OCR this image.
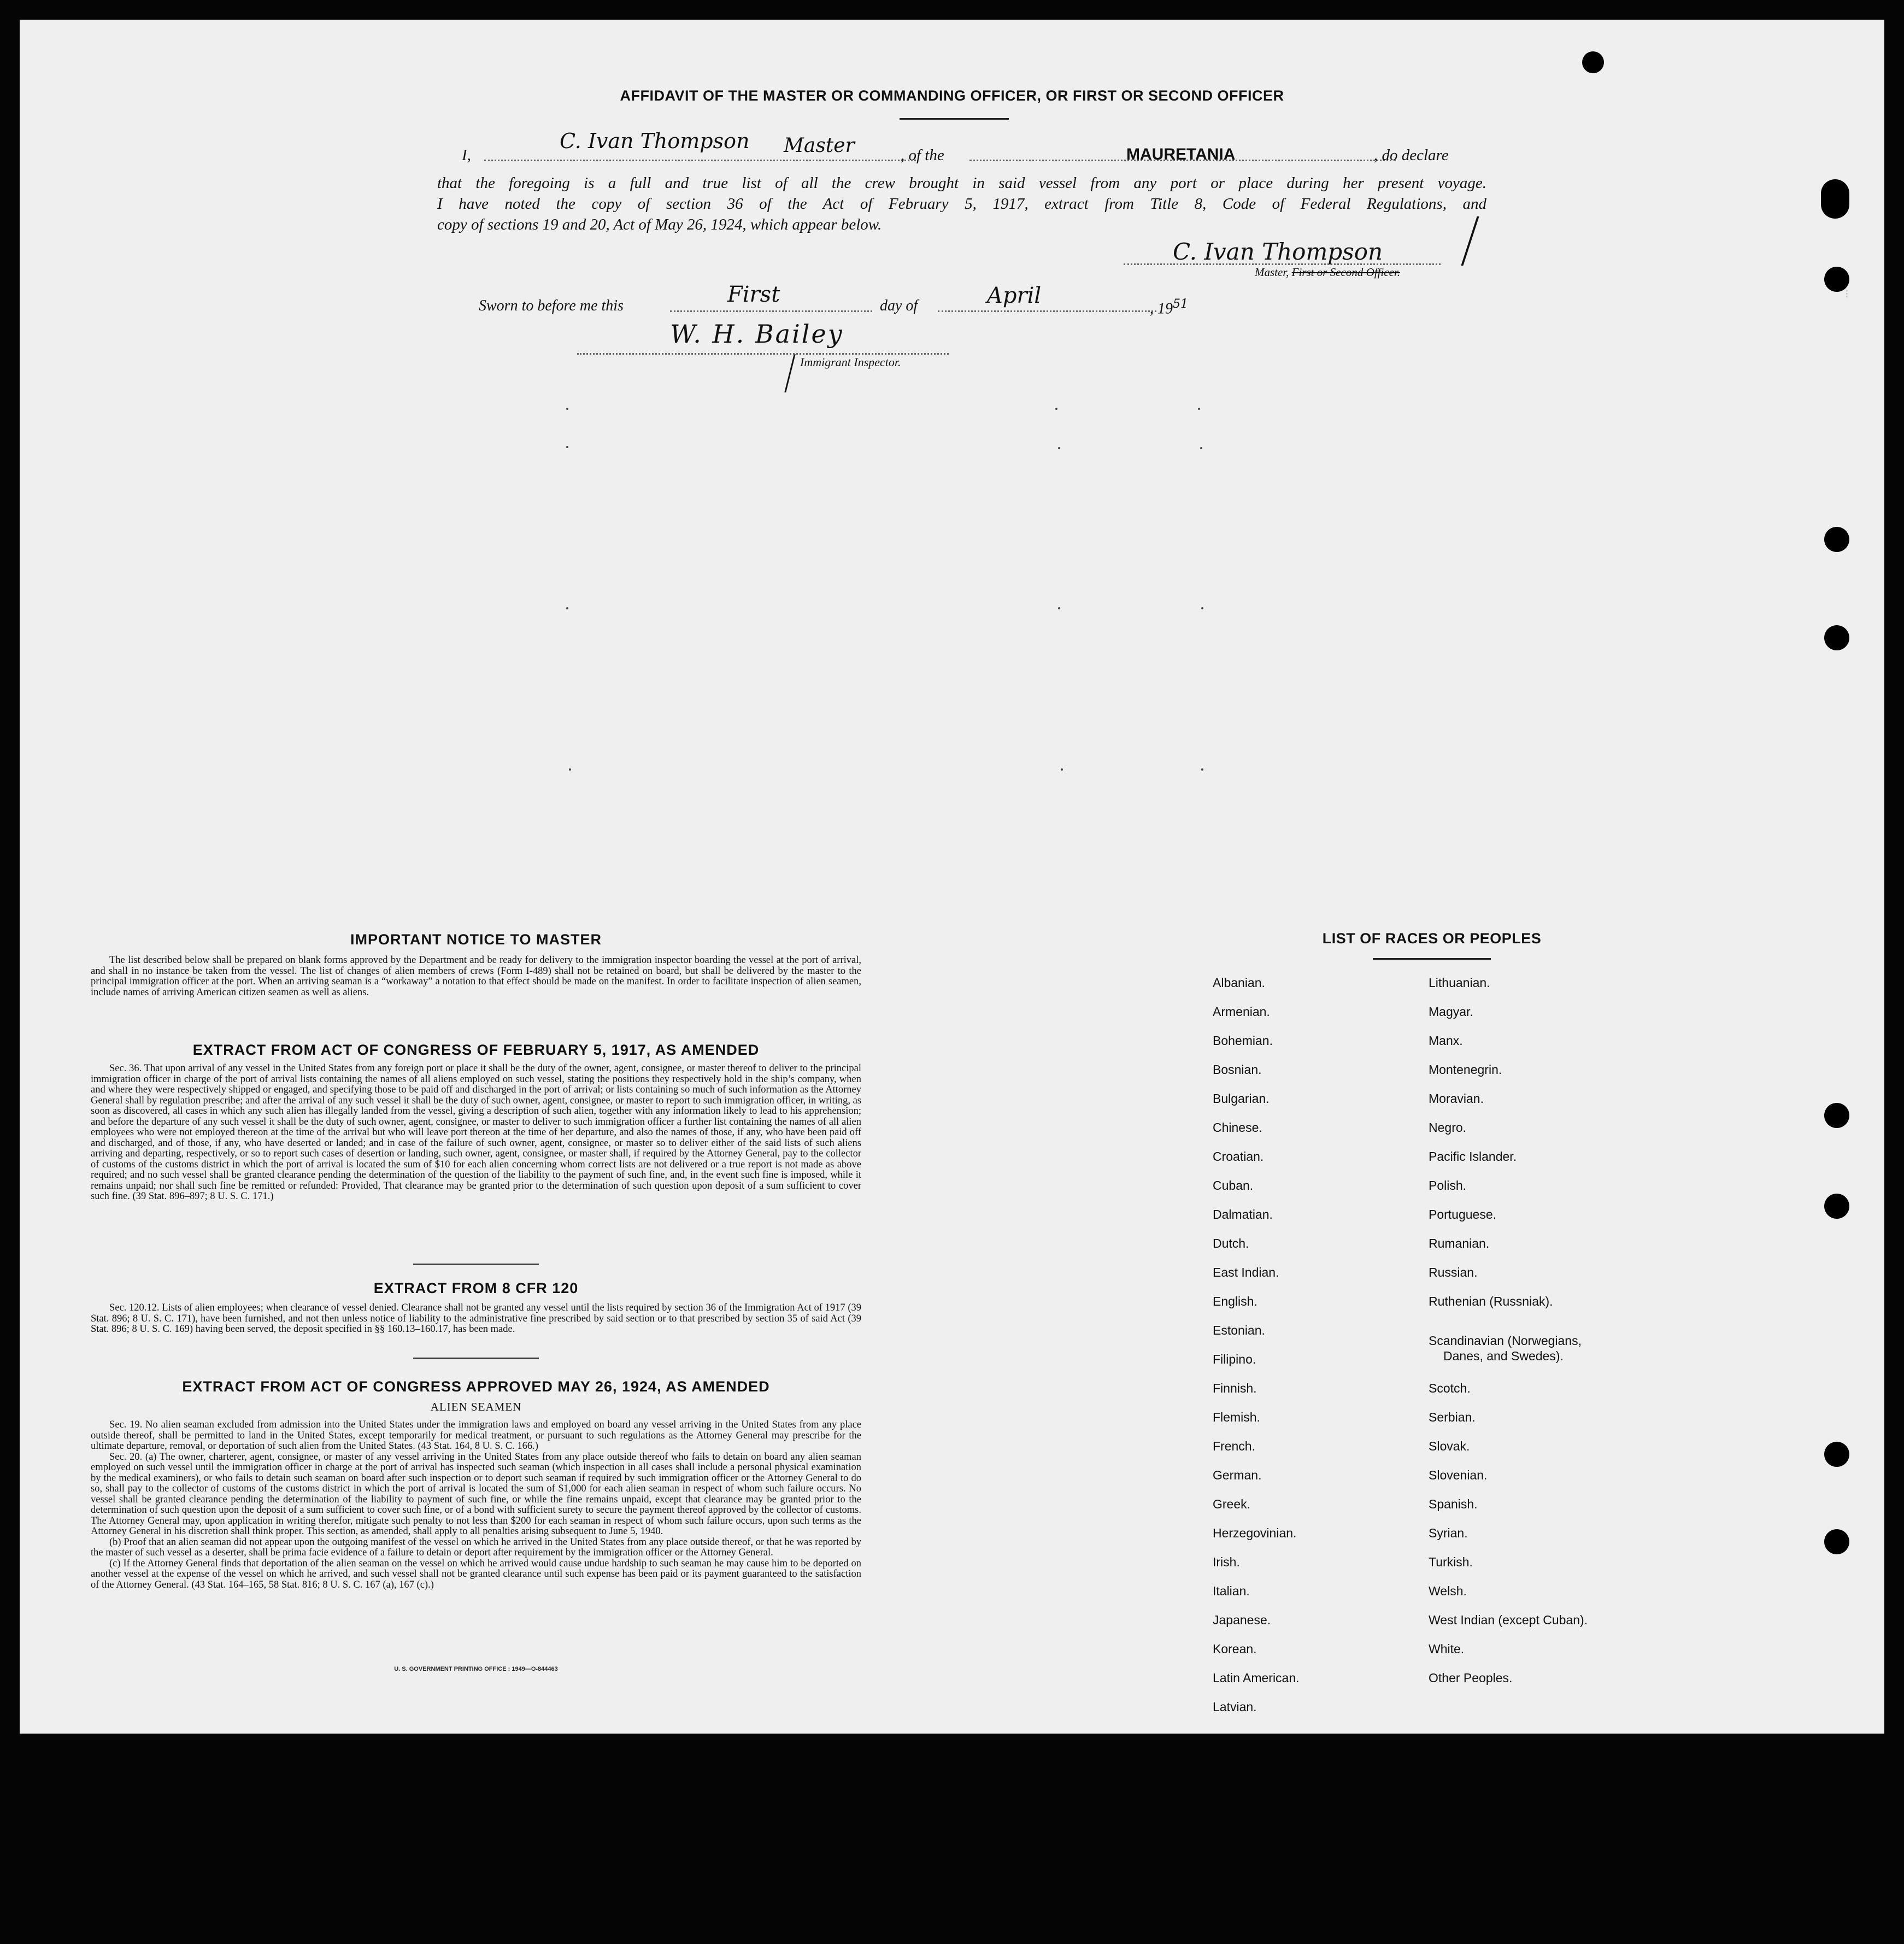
⁝
AFFIDAVIT OF THE MASTER OR COMMANDING OFFICER, OR FIRST OR SECOND OFFICER
I,
C. Ivan Thompson Master	, of the	MAURETANIA	, do declare
that the foregoing is a full and true list of all the crew brought in said vessel from any port or place during her present voyage.
I have noted the copy of section 36 of the Act of February 5, 1917, extract from Title 8, Code of Federal Regulations, and
copy of sections 19 and 20, Act of May 26, 1924, which appear below.
C. Ivan Thompson
Master, First or Second Officer.
Sworn to before me this	First	day of	April
, $19^{51}$
W. H. Bailey
Immigrant Inspector.
IMPORTANT NOTICE TO MASTER

The list described below shall be prepared on blank forms approved by the Department and be ready for delivery to the immigration inspector boarding the vessel at the port of arrival, and shall in no instance be taken from the vessel. The list of changes of alien members of crews (Form I-489) shall not be retained on board, but shall be delivered by the master to the principal immigration officer at the port. When an arriving seaman is a “workaway” a notation to that effect should be made on the manifest. In order to facilitate inspection of alien seamen, include names of arriving American citizen seamen as well as aliens.

EXTRACT FROM ACT OF CONGRESS OF FEBRUARY 5, 1917, AS AMENDED

Sec. 36. That upon arrival of any vessel in the United States from any foreign port or place it shall be the duty of the owner, agent, consignee, or master thereof to deliver to the principal immigration officer in charge of the port of arrival lists containing the names of all aliens employed on such vessel, stating the positions they respectively hold in the ship’s company, when and where they were respectively shipped or engaged, and specifying those to be paid off and discharged in the port of arrival; or lists containing so much of such information as the Attorney General shall by regulation prescribe; and after the arrival of any such vessel it shall be the duty of such owner, agent, consignee, or master to report to such immigration officer, in writing, as soon as discovered, all cases in which any such alien has illegally landed from the vessel, giving a description of such alien, together with any information likely to lead to his apprehension; and before the departure of any such vessel it shall be the duty of such owner, agent, consignee, or master to deliver to such immigration officer a further list containing the names of all alien employees who were not employed thereon at the time of the arrival but who will leave port thereon at the time of her departure, and also the names of those, if any, who have been paid off and discharged, and of those, if any, who have deserted or landed; and in case of the failure of such owner, agent, consignee, or master so to deliver either of the said lists of such aliens arriving and departing, respectively, or so to report such cases of desertion or landing, such owner, agent, consignee, or master shall, if required by the Attorney General, pay to the collector of customs of the customs district in which the port of arrival is located the sum of $10 for each alien concerning whom correct lists are not delivered or a true report is not made as above required; and no such vessel shall be granted clearance pending the determination of the question of the liability to the payment of such fine, and, in the event such fine is imposed, while it remains unpaid; nor shall such fine be remitted or refunded: Provided, That clearance may be granted prior to the determination of such question upon deposit of a sum sufficient to cover such fine. (39 Stat. 896–897; 8 U. S. C. 171.)

EXTRACT FROM 8 CFR 120

Sec. 120.12. Lists of alien employees; when clearance of vessel denied. Clearance shall not be granted any vessel until the lists required by section 36 of the Immigration Act of 1917 (39 Stat. 896; 8 U. S. C. 171), have been furnished, and not then unless notice of liability to the administrative fine prescribed by said section or to that prescribed by section 35 of said Act (39 Stat. 896; 8 U. S. C. 169) having been served, the deposit specified in §§ 160.13–160.17, has been made.

EXTRACT FROM ACT OF CONGRESS APPROVED MAY 26, 1924, AS AMENDED
ALIEN SEAMEN

Sec. 19. No alien seaman excluded from admission into the United States under the immigration laws and employed on board any vessel arriving in the United States from any place outside thereof, shall be permitted to land in the United States, except temporarily for medical treatment, or pursuant to such regulations as the Attorney General may prescribe for the ultimate departure, removal, or deportation of such alien from the United States. (43 Stat. 164, 8 U. S. C. 166.)

Sec. 20. (a) The owner, charterer, agent, consignee, or master of any vessel arriving in the United States from any place outside thereof who fails to detain on board any alien seaman employed on such vessel until the immigration officer in charge at the port of arrival has inspected such seaman (which inspection in all cases shall include a personal physical examination by the medical examiners), or who fails to detain such seaman on board after such inspection or to deport such seaman if required by such immigration officer or the Attorney General to do so, shall pay to the collector of customs of the customs district in which the port of arrival is located the sum of $1,000 for each alien seaman in respect of whom such failure occurs. No vessel shall be granted clearance pending the determination of the liability to payment of such fine, or while the fine remains unpaid, except that clearance may be granted prior to the determination of such question upon the deposit of a sum sufficient to cover such fine, or of a bond with sufficient surety to secure the payment thereof approved by the collector of customs. The Attorney General may, upon application in writing therefor, mitigate such penalty to not less than $200 for each seaman in respect of whom such failure occurs, upon such terms as the Attorney General in his discretion shall think proper. This section, as amended, shall apply to all penalties arising subsequent to June 5, 1940.

(b) Proof that an alien seaman did not appear upon the outgoing manifest of the vessel on which he arrived in the United States from any place outside thereof, or that he was reported by the master of such vessel as a deserter, shall be prima facie evidence of a failure to detain or deport after requirement by the immigration officer or the Attorney General.

(c) If the Attorney General finds that deportation of the alien seaman on the vessel on which he arrived would cause undue hardship to such seaman he may cause him to be deported on another vessel at the expense of the vessel on which he arrived, and such vessel shall not be granted clearance until such expense has been paid or its payment guaranteed to the satisfaction of the Attorney General. (43 Stat. 164–165, 58 Stat. 816; 8 U. S. C. 167 (a), 167 (c).)

U. S. GOVERNMENT PRINTING OFFICE : 1949—O-844463
LIST OF RACES OR PEOPLES
Albanian.
Armenian.
Bohemian.
Bosnian.
Bulgarian.
Chinese.
Croatian.
Cuban.
Dalmatian.
Dutch.
East Indian.
English.
Estonian.
Filipino.
Finnish.
Flemish.
French.
German.
Greek.
Herzegovinian.
Irish.
Italian.
Japanese.
Korean.
Latin American.
Latvian.
Lithuanian.
Magyar.
Manx.
Montenegrin.
Moravian.
Negro.
Pacific Islander.
Polish.
Portuguese.
Rumanian.
Russian.
Ruthenian (Russniak).
Scandinavian (Norwegians,
Danes, and Swedes).
Scotch.
Serbian.
Slovak.
Slovenian.
Spanish.
Syrian.
Turkish.
Welsh.
West Indian (except Cuban).
White.
Other Peoples.
